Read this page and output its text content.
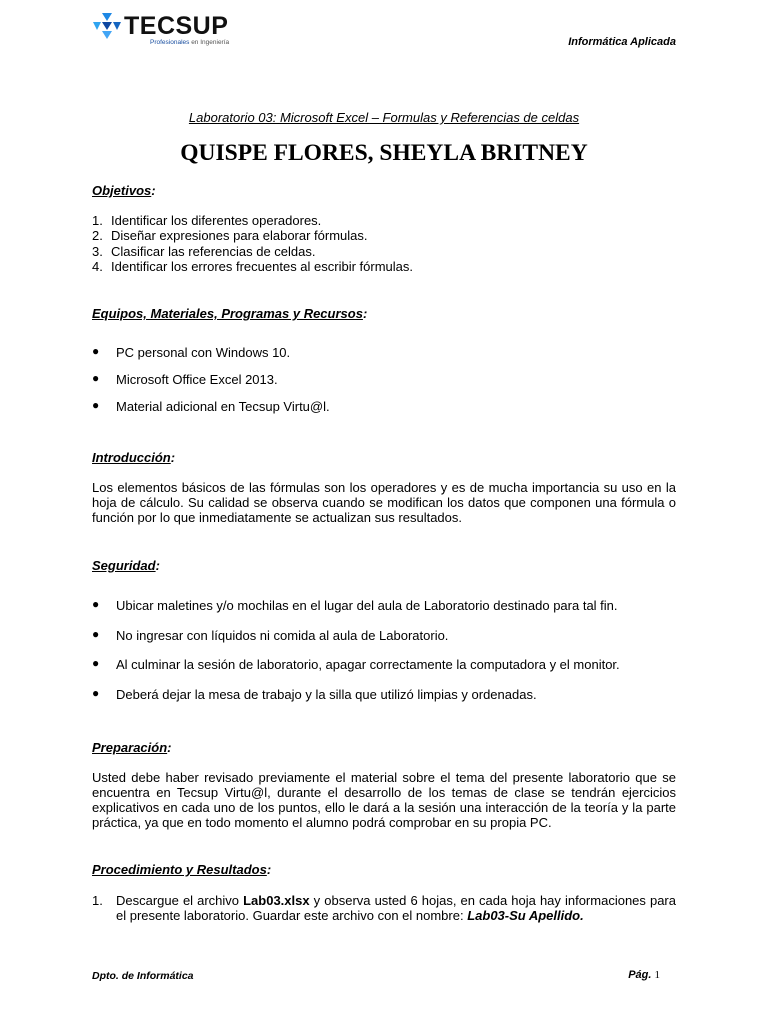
TECSUP
Profesionales en Ingeniería	Informática Aplicada
Laboratorio 03: Microsoft Excel – Formulas y Referencias de celdas
QUISPE FLORES, SHEYLA BRITNEY
Objetivos:
1. Identificar los diferentes operadores.
2. Diseñar expresiones para elaborar fórmulas.
3. Clasificar las referencias de celdas.
4. Identificar los errores frecuentes al escribir fórmulas.
Equipos, Materiales, Programas y Recursos:
● PC personal con Windows 10.
● Microsoft Office Excel 2013.
● Material adicional en Tecsup Virtu@l.
Introducción:
Los elementos básicos de las fórmulas son los operadores y es de mucha importancia su uso en la hoja de cálculo. Su calidad se observa cuando se modifican los datos que componen una fórmula o función por lo que inmediatamente se actualizan sus resultados.
Seguridad:
● Ubicar maletines y/o mochilas en el lugar del aula de Laboratorio destinado para tal fin.
● No ingresar con líquidos ni comida al aula de Laboratorio.
● Al culminar la sesión de laboratorio, apagar correctamente la computadora y el monitor.
● Deberá dejar la mesa de trabajo y la silla que utilizó limpias y ordenadas.
Preparación:
Usted debe haber revisado previamente el material sobre el tema del presente laboratorio que se encuentra en Tecsup Virtu@l, durante el desarrollo de los temas de clase se tendrán ejercicios explicativos en cada uno de los puntos, ello le dará a la sesión una interacción de la teoría y la parte práctica, ya que en todo momento el alumno podrá comprobar en su propia PC.
Procedimiento y Resultados:
1. Descargue el archivo Lab03.xlsx y observa usted 6 hojas, en cada hoja hay informaciones para el presente laboratorio. Guardar este archivo con el nombre: Lab03-Su Apellido.
Dpto. de Informática	Pág. 1
